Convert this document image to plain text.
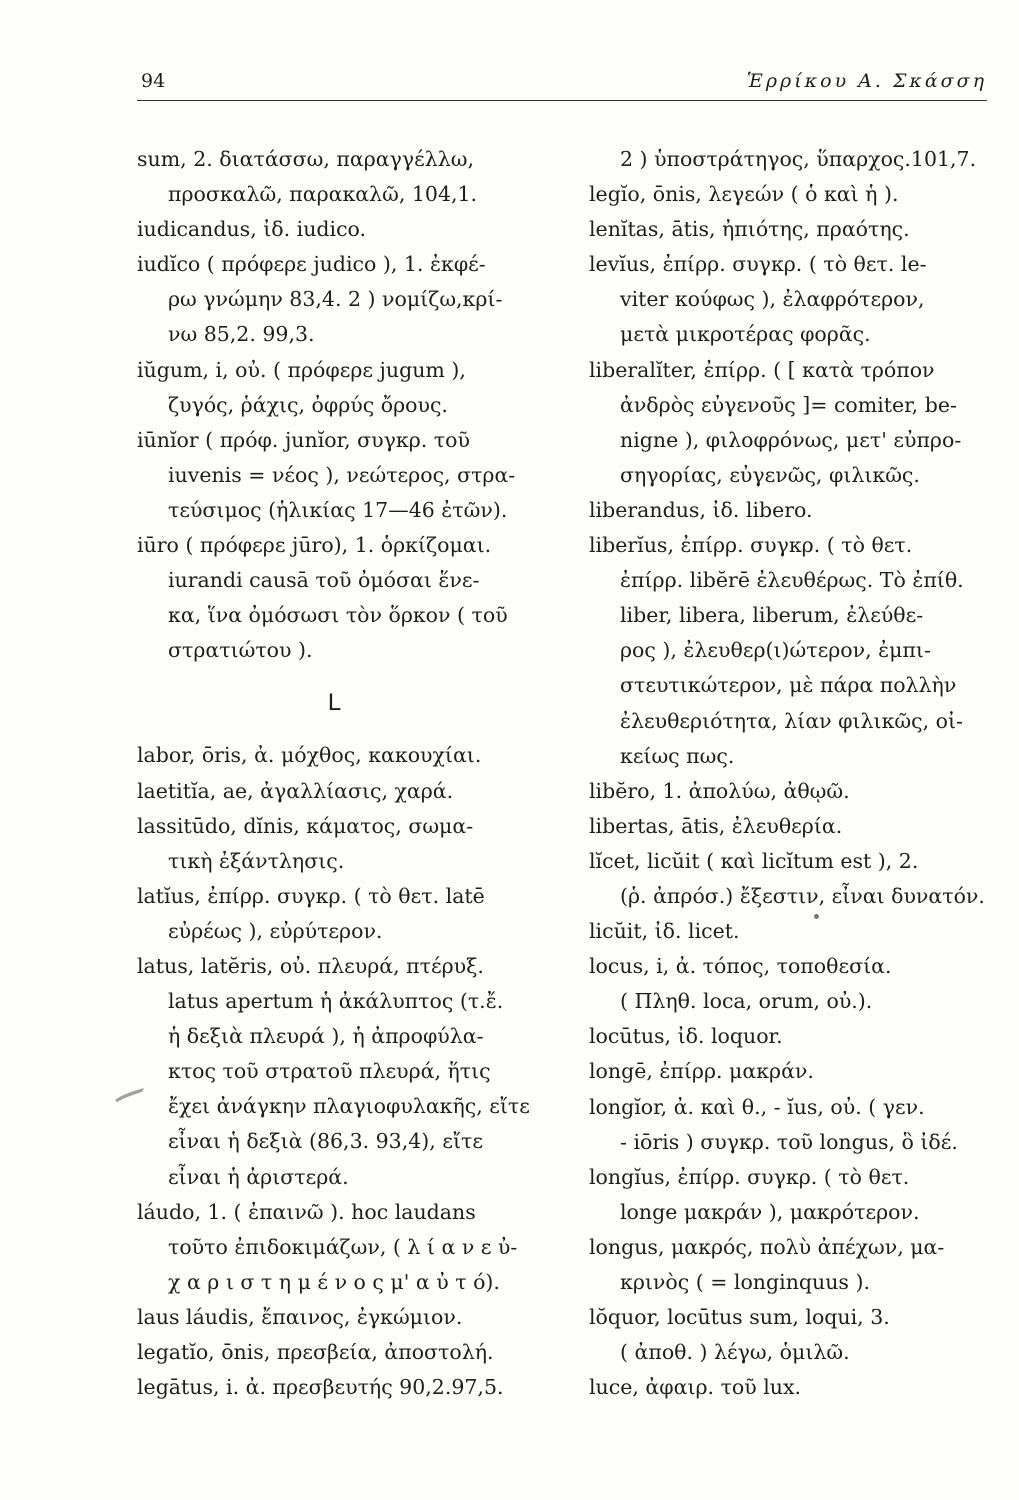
94	Ἑρρίκου Α. Σκάσση
sum, 2. διατάσσω, παραγγέλλω,
προσκαλῶ, παρακαλῶ, 104,1.
iudicandus, ἰδ. iudico.
iudĭco ( πρόφερε judico ), 1. ἐκφέ-
ρω γνώμην 83,4. 2 ) νομίζω,κρί-
νω 85,2. 99,3.
iŭgum, i, οὐ. ( πρόφερε jugum ),
ζυγός, ῥάχις, ὀφρύς ὄρους.
iūnĭor ( πρόφ. junĭor, συγκρ. τοῦ
iuvenis = νέος ), νεώτερος, στρα-
τεύσιμος (ἡλικίας 17—46 ἐτῶν).
iūro ( πρόφερε jūro), 1. ὁρκίζομαι.
iurandi causā τοῦ ὀμόσαι ἕνε-
κα, ἵνα ὀμόσωσι τὸν ὅρκον ( τοῦ
στρατιώτου ).
L
labor, ōris, ἀ. μόχθος, κακουχίαι.
laetitĭa, ae, ἀγαλλίασις, χαρά.
lassitūdo, dĭnis, κάματος, σωμα-
τικὴ ἐξάντλησις.
latĭus, ἐπίρρ. συγκρ. ( τὸ θετ. latē
εὐρέως ), εὐρύτερον.
latus, latĕris, οὐ. πλευρά, πτέρυξ.
latus apertum ἡ ἀκάλυπτος (τ.ἔ.
ἡ δεξιὰ πλευρά ), ἡ ἀπροφύλα-
κτος τοῦ στρατοῦ πλευρά, ἥτις
ἔχει ἀνάγκην πλαγιοφυλακῆς, εἴτε
εἶναι ἡ δεξιὰ (86,3. 93,4), εἴτε
εἶναι ἡ ἀριστερά.
láudo, 1. ( ἐπαινῶ ). hoc laudans
τοῦτο ἐπιδοκιμάζων, ( λ ί α ν ε ὐ-
χ α ρ ι σ τ η μ έ ν ο ς μ' α ὐ τ ό).
laus láudis, ἔπαινος, ἐγκώμιον.
legatĭo, ōnis, πρεσβεία, ἀποστολή.
legātus, i. ἀ. πρεσβευτής 90,2.97,5.
2 ) ὑποστράτηγος, ὕπαρχος.101,7.
legĭo, ōnis, λεγεών ( ὁ καὶ ἡ ).
lenĭtas, ātis, ἠπιότης, πραότης.
levĭus, ἐπίρρ. συγκρ. ( τὸ θετ. le-
viter κούφως ), ἐλαφρότερον,
μετὰ μικροτέρας φορᾶς.
liberalĭter, ἐπίρρ. ( [ κατὰ τρόπον
ἀνδρὸς εὐγενοῦς ]= comiter, be-
nigne ), φιλοφρόνως, μετ' εὐπρο-
σηγορίας, εὐγενῶς, φιλικῶς.
liberandus, ἰδ. libero.
liberĭus, ἐπίρρ. συγκρ. ( τὸ θετ.
ἐπίρρ. libĕrē ἐλευθέρως. Τὸ ἐπίθ.
liber, libera, liberum, ἐλεύθε-
ρος ), ἐλευθερ(ι)ώτερον, ἐμπι-
στευτικώτερον, μὲ πάρα πολλὴν
ἐλευθεριότητα, λίαν φιλικῶς, οἰ-
κείως πως.
libĕro, 1. ἀπολύω, ἀθῳῶ.
libertas, ātis, ἐλευθερία.
lĭcet, licŭit ( καὶ licĭtum est ), 2.
(ῥ. ἀπρόσ.) ἔξεστιν, εἶναι δυνατόν.
licŭit, ἰδ. licet.
locus, i, ἀ. τόπος, τοποθεσία.
( Πληθ. loca, orum, οὐ.).
locūtus, ἰδ. loquor.
longē, ἐπίρρ. μακράν.
longĭor, ἀ. καὶ θ., - ĭus, οὐ. ( γεν.
- iōris ) συγκρ. τοῦ longus, ὃ ἰδέ.
longĭus, ἐπίρρ. συγκρ. ( τὸ θετ.
longe μακράν ), μακρότερον.
longus, μακρός, πολὺ ἀπέχων, μα-
κρινὸς ( = longinquus ).
lŏquor, locūtus sum, loqui, 3.
( ἀποθ. ) λέγω, ὁμιλῶ.
luce, ἀφαιρ. τοῦ lux.
